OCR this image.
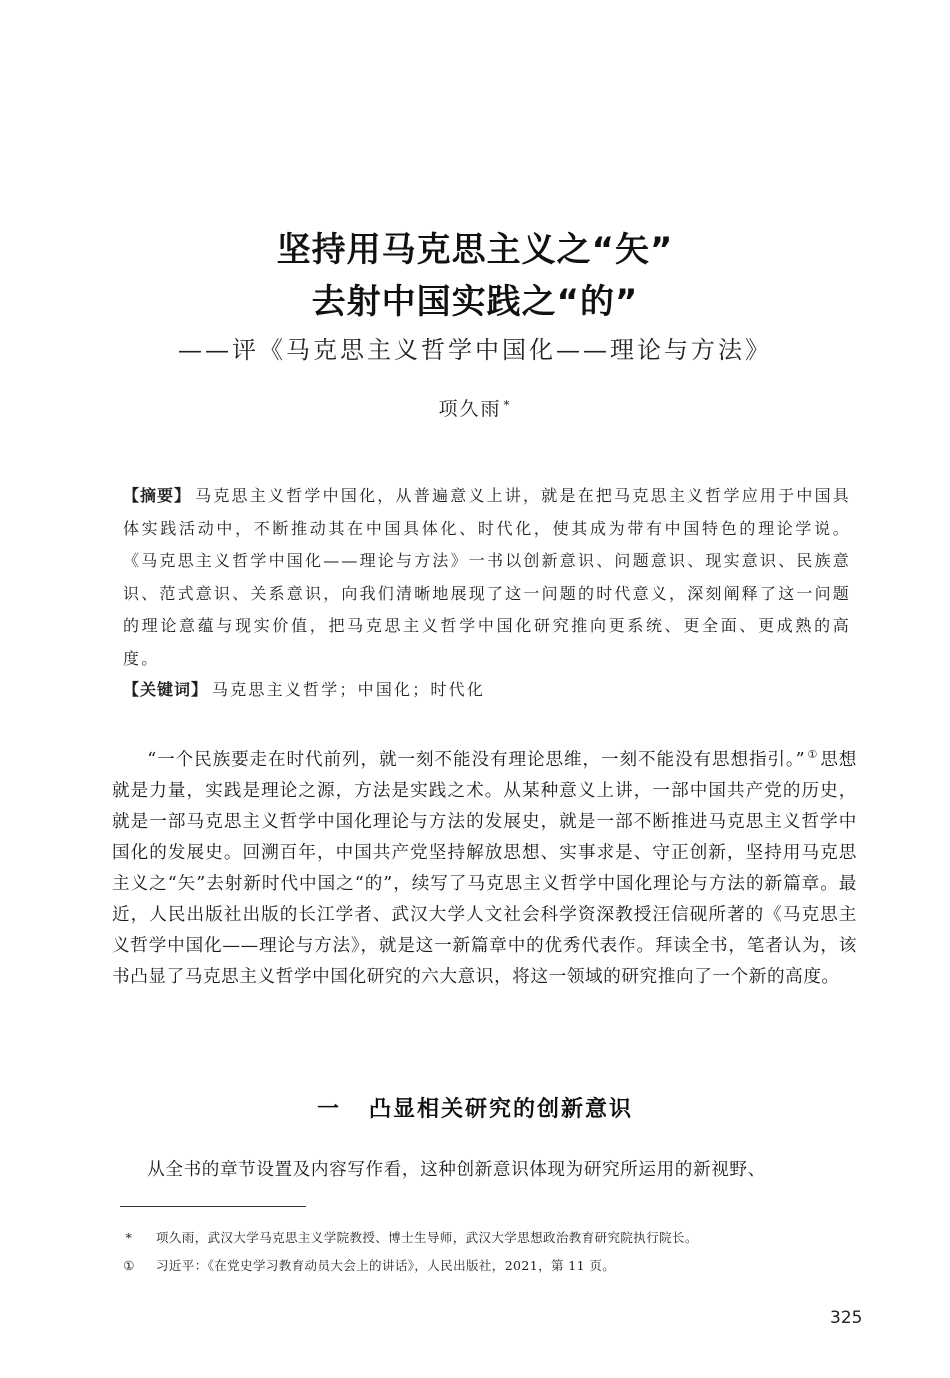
坚持用马克思主义之“矢”
去射中国实践之“的”
——评《马克思主义哲学中国化——理论与方法》
项久雨 *
【摘要】 马克思主义哲学中国化，从普遍意义上讲，就是在把马克思主义哲学应用于中国具体实践活动中，不断推动其在中国具体化、时代化，使其成为带有中国特色的理论学说。《马克思主义哲学中国化——理论与方法》一书以创新意识、问题意识、现实意识、民族意识、范式意识、关系意识，向我们清晰地展现了这一问题的时代意义，深刻阐释了这一问题的理论意蕴与现实价值，把马克思主义哲学中国化研究推向更系统、更全面、更成熟的高度。
【关键词】 马克思主义哲学；中国化；时代化

“一个民族要走在时代前列，就一刻不能没有理论思维，一刻不能没有思想指引。” ① 思想就是力量，实践是理论之源，方法是实践之术。从某种意义上讲，一部中国共产党的历史，就是一部马克思主义哲学中国化理论与方法的发展史，就是一部不断推进马克思主义哲学中国化的发展史。回溯百年，中国共产党坚持解放思想、实事求是、守正创新，坚持用马克思主义之“矢”去射新时代中国之“的”，续写了马克思主义哲学中国化理论与方法的新篇章。最近，人民出版社出版的长江学者、武汉大学人文社会科学资深教授汪信砚所著的《马克思主义哲学中国化——理论与方法》，就是这一新篇章中的优秀代表作。拜读全书，笔者认为，该书凸显了马克思主义哲学中国化研究的六大意识，将这一领域的研究推向了一个新的高度。

一 凸显相关研究的创新意识

从全书的章节设置及内容写作看，这种创新意识体现为研究所运用的新视野、

*	项久雨，武汉大学马克思主义学院教授、博士生导师，武汉大学思想政治教育研究院执行院长。
①	习近平：《在党史学习教育动员大会上的讲话》，人民出版社，2021，第 11 页。
325
